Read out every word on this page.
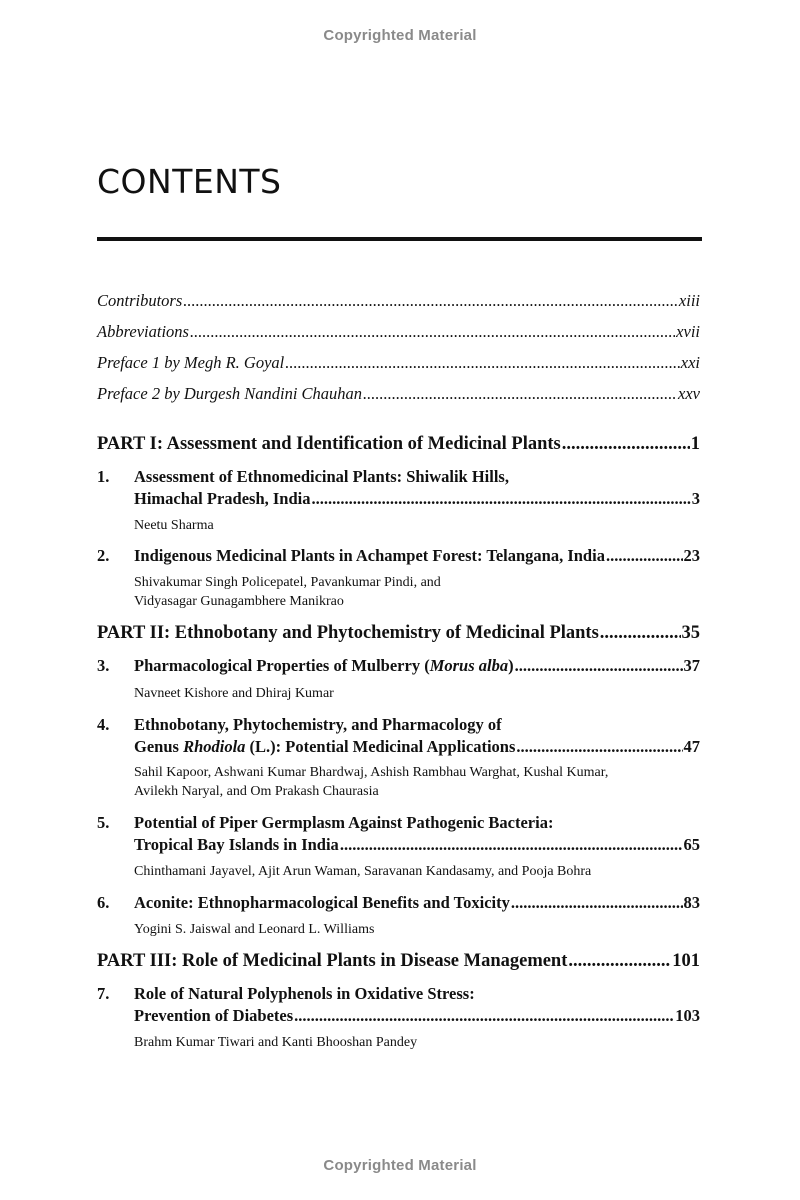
Copyrighted Material
CONTENTS
Contributors .....	xiii
Abbreviations .....	xvii
Preface 1 by Megh R. Goyal .....	xxi
Preface 2 by Durgesh Nandini Chauhan .....	xxv
PART I: Assessment and Identification of Medicinal Plants .....	1
1. Assessment of Ethnomedicinal Plants: Shiwalik Hills,
Himachal Pradesh, India .....	3
Neetu Sharma
2. Indigenous Medicinal Plants in Achampet Forest: Telangana, India .....	23
Shivakumar Singh Policepatel, Pavankumar Pindi, and
Vidyasagar Gunagambhere Manikrao
PART II: Ethnobotany and Phytochemistry of Medicinal Plants .....	35
3. Pharmacological Properties of Mulberry (Morus alba) .....	37
Navneet Kishore and Dhiraj Kumar
4. Ethnobotany, Phytochemistry, and Pharmacology of
Genus Rhodiola (L.): Potential Medicinal Applications .....	47
Sahil Kapoor, Ashwani Kumar Bhardwaj, Ashish Rambhau Warghat, Kushal Kumar,
Avilekh Naryal, and Om Prakash Chaurasia
5. Potential of Piper Germplasm Against Pathogenic Bacteria:
Tropical Bay Islands in India .....	65
Chinthamani Jayavel, Ajit Arun Waman, Saravanan Kandasamy, and Pooja Bohra
6. Aconite: Ethnopharmacological Benefits and Toxicity .....	83
Yogini S. Jaiswal and Leonard L. Williams
PART III: Role of Medicinal Plants in Disease Management .....	101
7. Role of Natural Polyphenols in Oxidative Stress:
Prevention of Diabetes .....	103
Brahm Kumar Tiwari and Kanti Bhooshan Pandey
Copyrighted Material
